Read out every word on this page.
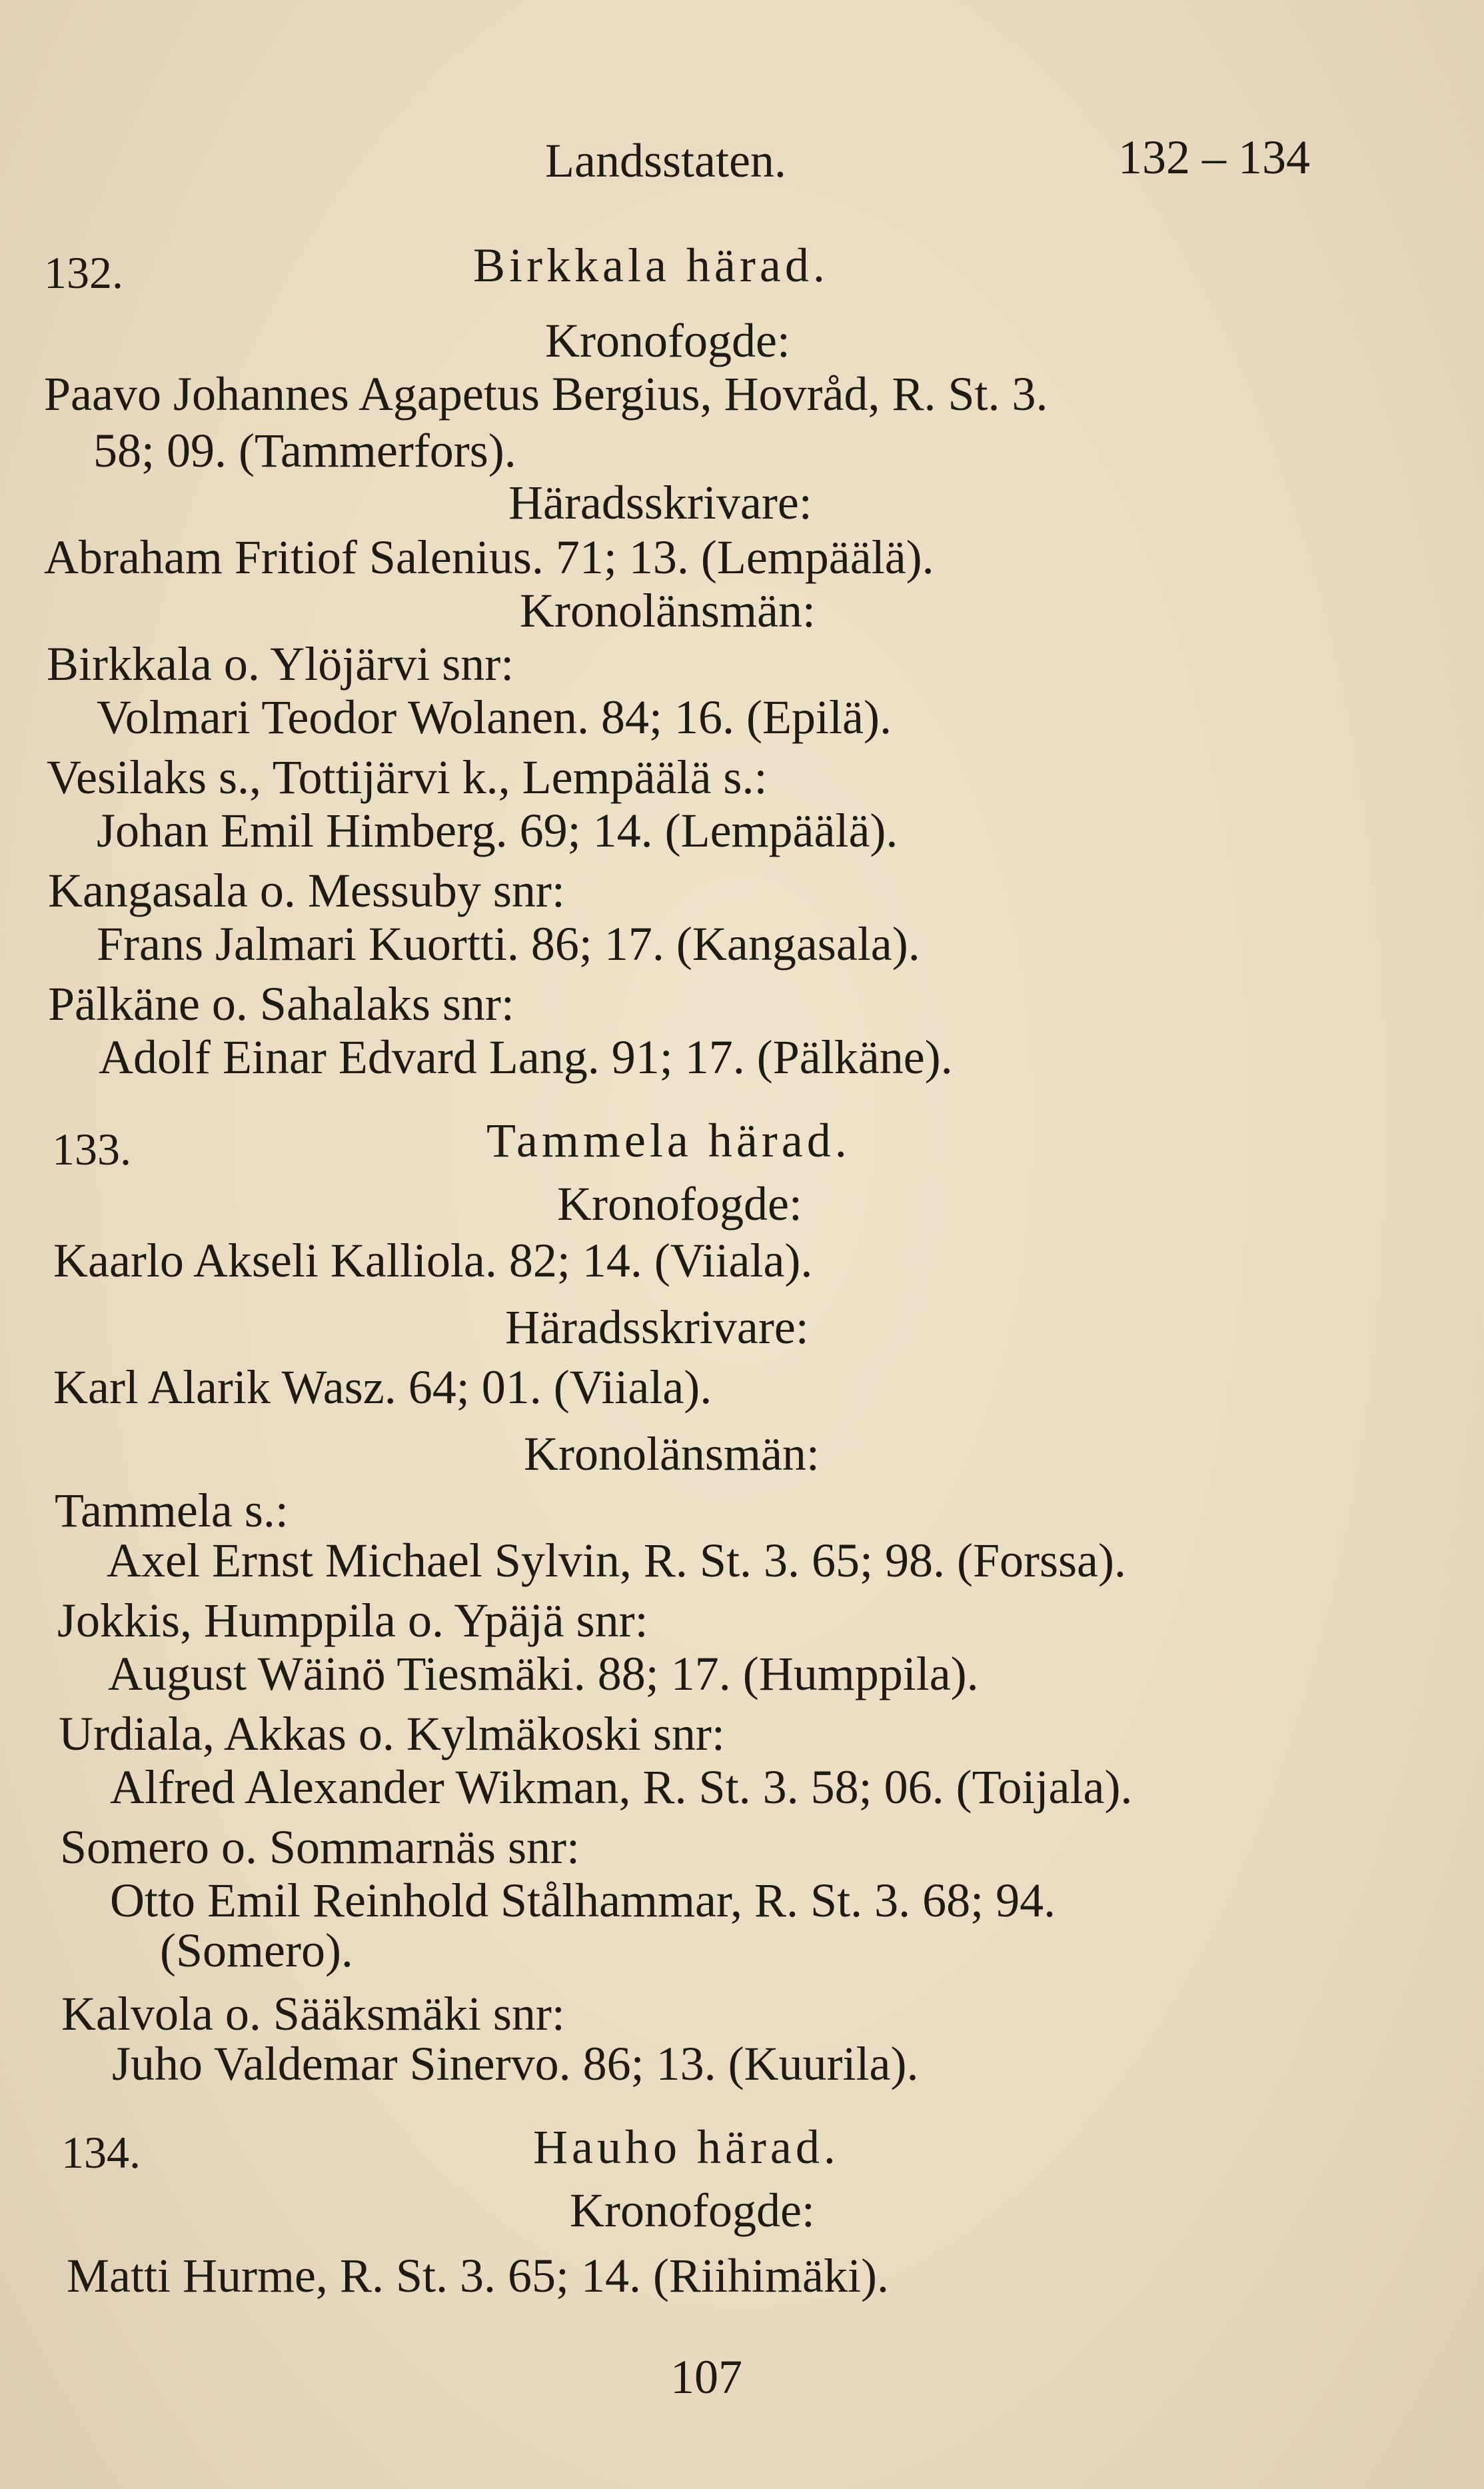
Landsstaten.	132 – 134
132.	Birkkala härad.
Kronofogde:
Paavo Johannes Agapetus Bergius, Hovråd, R. St. 3.
58; 09. (Tammerfors).
Häradsskrivare:
Abraham Fritiof Salenius. 71; 13. (Lempäälä).
Kronolänsmän:
Birkkala o. Ylöjärvi snr:
Volmari Teodor Wolanen. 84; 16. (Epilä).
Vesilaks s., Tottijärvi k., Lempäälä s.:
Johan Emil Himberg. 69; 14. (Lempäälä).
Kangasala o. Messuby snr:
Frans Jalmari Kuortti. 86; 17. (Kangasala).
Pälkäne o. Sahalaks snr:
Adolf Einar Edvard Lang. 91; 17. (Pälkäne).
133.	Tammela härad.
Kronofogde:
Kaarlo Akseli Kalliola. 82; 14. (Viiala).
Häradsskrivare:
Karl Alarik Wasz. 64; 01. (Viiala).
Kronolänsmän:
Tammela s.:
Axel Ernst Michael Sylvin, R. St. 3. 65; 98. (Forssa).
Jokkis, Humppila o. Ypäjä snr:
August Wäinö Tiesmäki. 88; 17. (Humppila).
Urdiala, Akkas o. Kylmäkoski snr:
Alfred Alexander Wikman, R. St. 3. 58; 06. (Toijala).
Somero o. Sommarnäs snr:
Otto Emil Reinhold Stålhammar, R. St. 3. 68; 94.
(Somero).
Kalvola o. Sääksmäki snr:
Juho Valdemar Sinervo. 86; 13. (Kuurila).
134.	Hauho härad.
Kronofogde:
Matti Hurme, R. St. 3. 65; 14. (Riihimäki).
107
